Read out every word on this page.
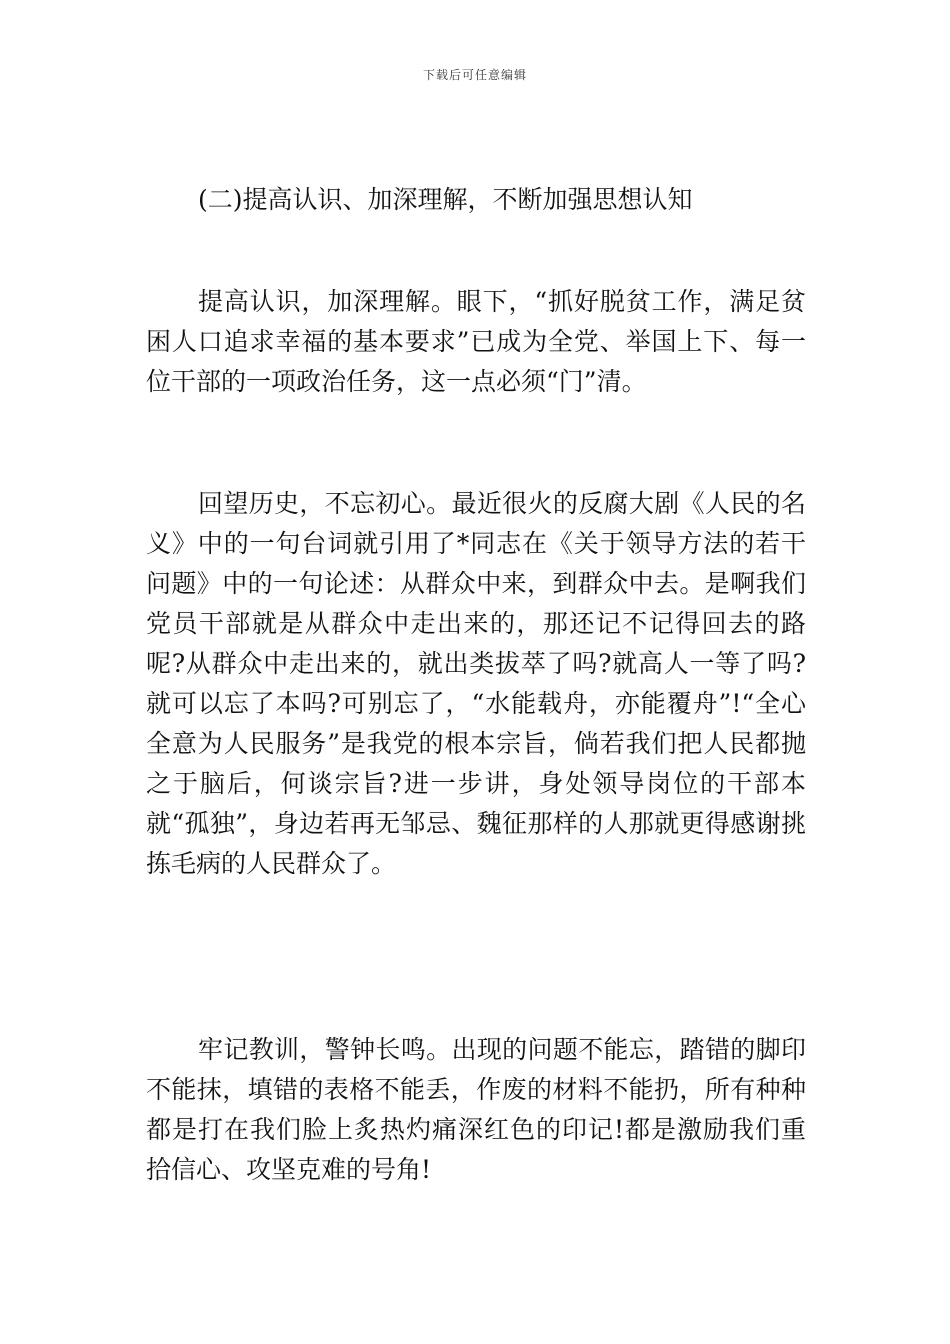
下载后可任意编辑
(二)提高认识、加深理解，不断加强思想认知

提高认识，加深理解。眼下，“抓好脱贫工作，满足贫困人口追求幸福的基本要求”已成为全党、举国上下、每一位干部的一项政治任务，这一点必须“门”清。

回望历史，不忘初心。最近很火的反腐大剧《人民的名义》中的一句台词就引用了*同志在《关于领导方法的若干问题》中的一句论述：从群众中来，到群众中去。是啊我们党员干部就是从群众中走出来的，那还记不记得回去的路呢?从群众中走出来的，就出类拔萃了吗?就高人一等了吗?就可以忘了本吗?可别忘了，“水能载舟，亦能覆舟”!“全心全意为人民服务”是我党的根本宗旨，倘若我们把人民都抛之于脑后，何谈宗旨?进一步讲，身处领导岗位的干部本就“孤独”，身边若再无邹忌、魏征那样的人那就更得感谢挑拣毛病的人民群众了。

牢记教训，警钟长鸣。出现的问题不能忘，踏错的脚印不能抹，填错的表格不能丢，作废的材料不能扔，所有种种都是打在我们脸上炙热灼痛深红色的印记!都是激励我们重拾信心、攻坚克难的号角!
